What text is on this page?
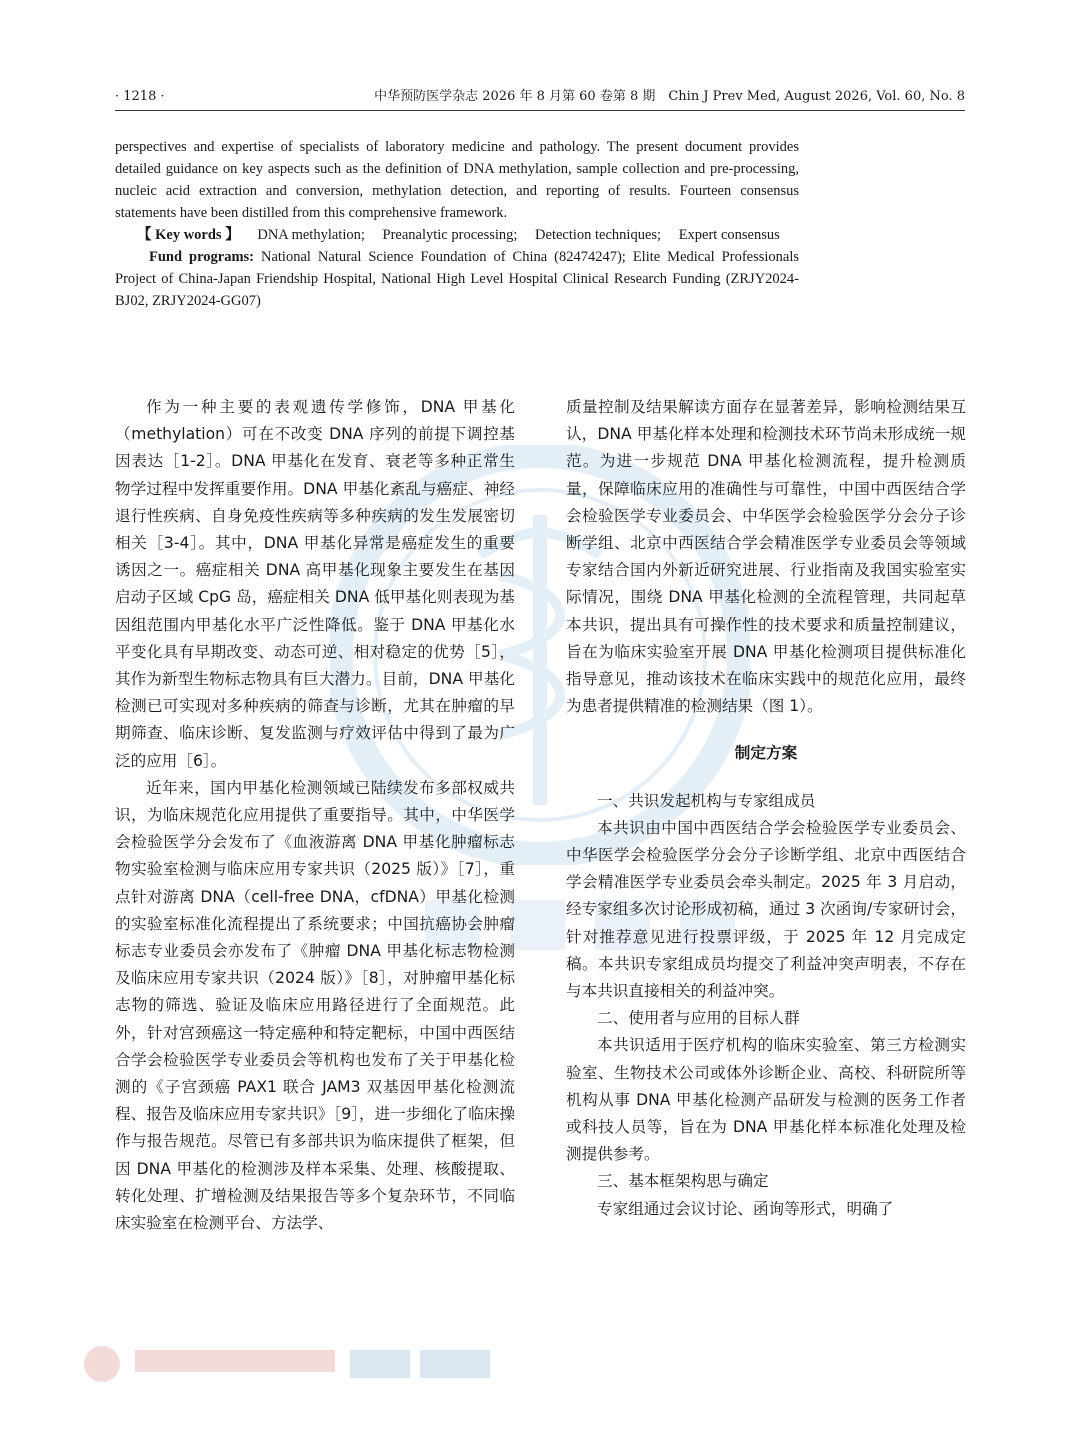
· 1218 ·	中华预防医学杂志 2026 年 8 月第 60 卷第 8 期　Chin J Prev Med, August 2026, Vol. 60, No. 8

perspectives and expertise of specialists of laboratory medicine and pathology. The present document provides detailed guidance on key aspects such as the definition of DNA methylation, sample collection and pre-processing, nucleic acid extraction and conversion, methylation detection, and reporting of results. Fourteen consensus statements have been distilled from this comprehensive framework.

【 Key words 】 DNA methylation; Preanalytic processing; Detection techniques; Expert consensus

Fund programs: National Natural Science Foundation of China (82474247); Elite Medical Professionals Project of China-Japan Friendship Hospital, National High Level Hospital Clinical Research Funding (ZRJY2024-BJ02, ZRJY2024-GG07)

作为一种主要的表观遗传学修饰，DNA 甲基化（methylation）可在不改变 DNA 序列的前提下调控基因表达［1-2］。DNA 甲基化在发育、衰老等多种正常生物学过程中发挥重要作用。DNA 甲基化紊乱与癌症、神经退行性疾病、自身免疫性疾病等多种疾病的发生发展密切相关［3-4］。其中，DNA 甲基化异常是癌症发生的重要诱因之一。癌症相关 DNA 高甲基化现象主要发生在基因启动子区域 CpG 岛，癌症相关 DNA 低甲基化则表现为基因组范围内甲基化水平广泛性降低。鉴于 DNA 甲基化水平变化具有早期改变、动态可逆、相对稳定的优势［5］，其作为新型生物标志物具有巨大潜力。目前，DNA 甲基化检测已可实现对多种疾病的筛查与诊断，尤其在肿瘤的早期筛查、临床诊断、复发监测与疗效评估中得到了最为广泛的应用［6］。

近年来，国内甲基化检测领域已陆续发布多部权威共识，为临床规范化应用提供了重要指导。其中，中华医学会检验医学分会发布了《血液游离 DNA 甲基化肿瘤标志物实验室检测与临床应用专家共识（2025 版）》［7］，重点针对游离 DNA（cell-free DNA，cfDNA）甲基化检测的实验室标准化流程提出了系统要求；中国抗癌协会肿瘤标志专业委员会亦发布了《肿瘤 DNA 甲基化标志物检测及临床应用专家共识（2024 版）》［8］，对肿瘤甲基化标志物的筛选、验证及临床应用路径进行了全面规范。此外，针对宫颈癌这一特定癌种和特定靶标，中国中西医结合学会检验医学专业委员会等机构也发布了关于甲基化检测的《子宫颈癌 PAX1 联合 JAM3 双基因甲基化检测流程、报告及临床应用专家共识》［9］，进一步细化了临床操作与报告规范。尽管已有多部共识为临床提供了框架，但因 DNA 甲基化的检测涉及样本采集、处理、核酸提取、转化处理、扩增检测及结果报告等多个复杂环节，不同临床实验室在检测平台、方法学、

质量控制及结果解读方面存在显著差异，影响检测结果互认，DNA 甲基化样本处理和检测技术环节尚未形成统一规范。为进一步规范 DNA 甲基化检测流程，提升检测质量，保障临床应用的准确性与可靠性，中国中西医结合学会检验医学专业委员会、中华医学会检验医学分会分子诊断学组、北京中西医结合学会精准医学专业委员会等领域专家结合国内外新近研究进展、行业指南及我国实验室实际情况，围绕 DNA 甲基化检测的全流程管理，共同起草本共识，提出具有可操作性的技术要求和质量控制建议，旨在为临床实验室开展 DNA 甲基化检测项目提供标准化指导意见，推动该技术在临床实践中的规范化应用，最终为患者提供精准的检测结果（图 1）。

制定方案

一、共识发起机构与专家组成员

本共识由中国中西医结合学会检验医学专业委员会、中华医学会检验医学分会分子诊断学组、北京中西医结合学会精准医学专业委员会牵头制定。2025 年 3 月启动，经专家组多次讨论形成初稿，通过 3 次函询/专家研讨会，针对推荐意见进行投票评级，于 2025 年 12 月完成定稿。本共识专家组成员均提交了利益冲突声明表，不存在与本共识直接相关的利益冲突。

二、使用者与应用的目标人群

本共识适用于医疗机构的临床实验室、第三方检测实验室、生物技术公司或体外诊断企业、高校、科研院所等机构从事 DNA 甲基化检测产品研发与检测的医务工作者或科技人员等，旨在为 DNA 甲基化样本标准化处理及检测提供参考。

三、基本框架构思与确定

专家组通过会议讨论、函询等形式，明确了
